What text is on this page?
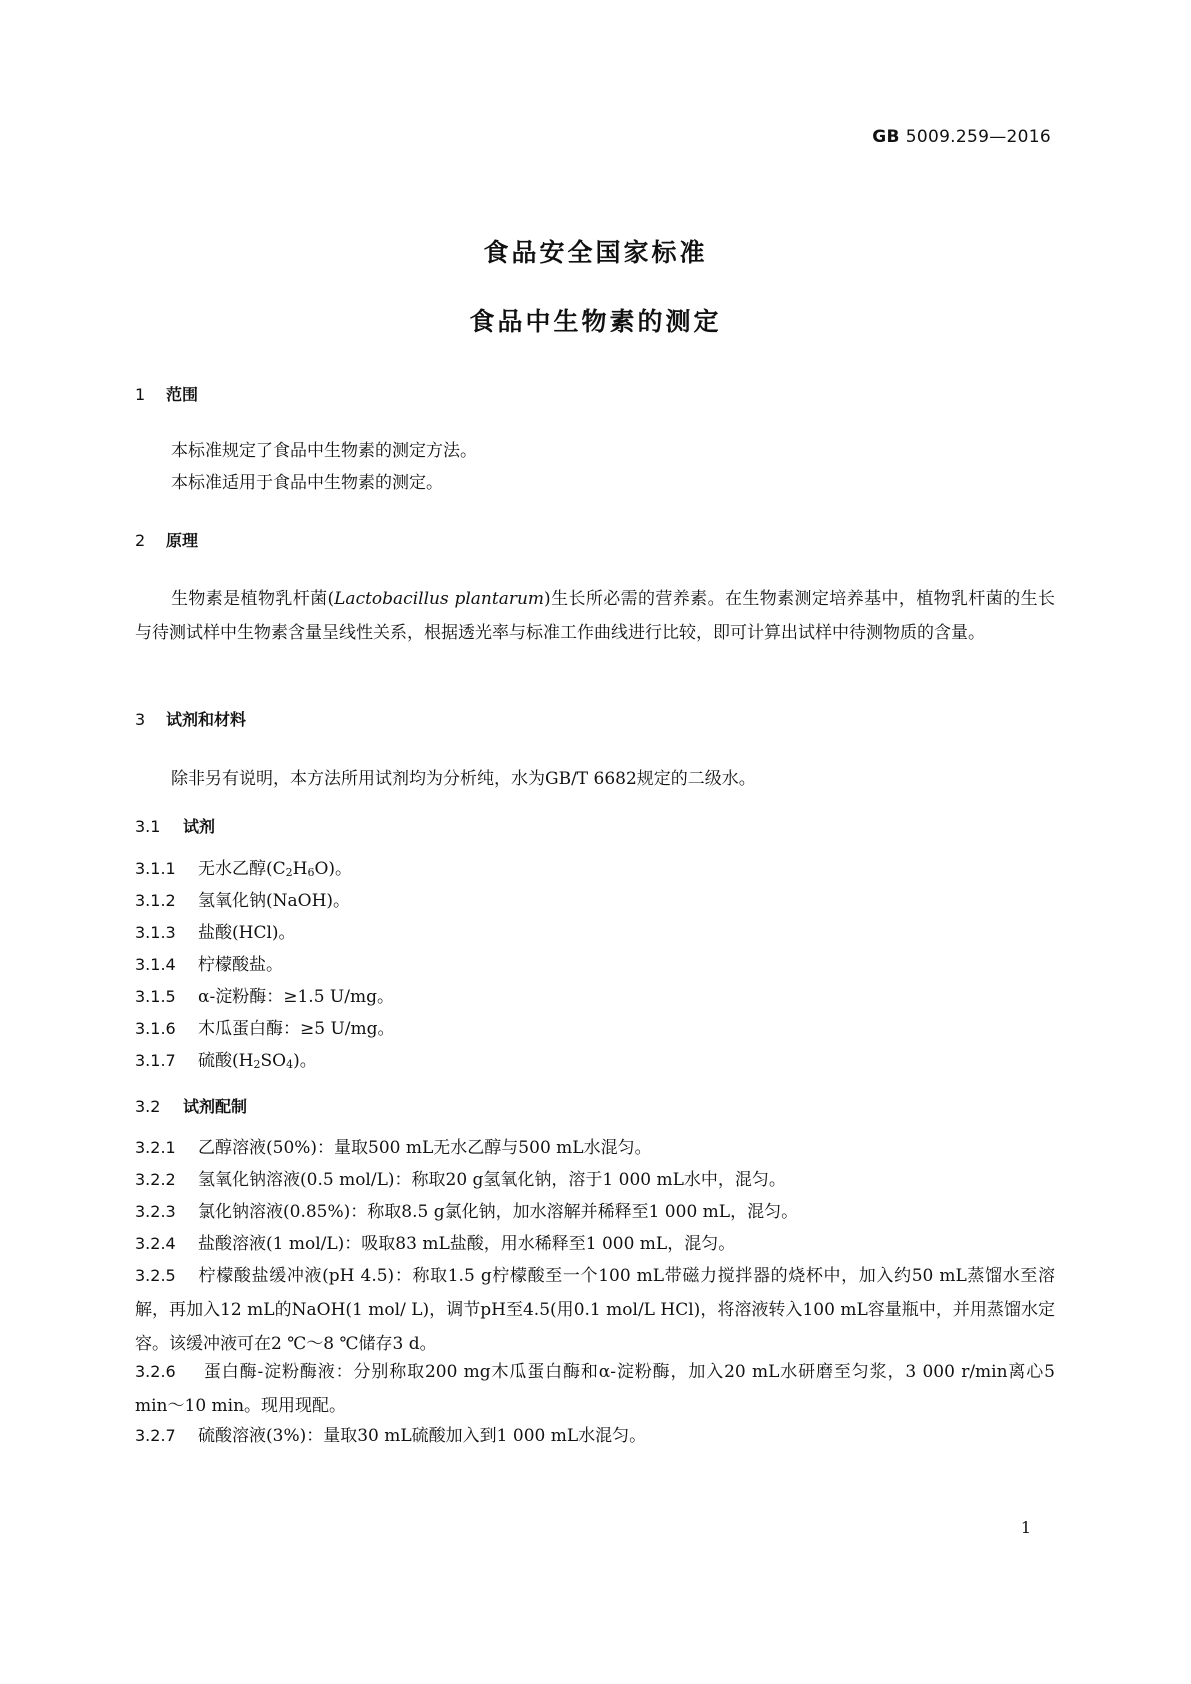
GB 5009.259—2016
食品安全国家标准
食品中生物素的测定
1 范围
本标准规定了食品中生物素的测定方法。
本标准适用于食品中生物素的测定。
2 原理
生物素是植物乳杆菌(Lactobacillus plantarum)生长所必需的营养素。在生物素测定培养基中，植物乳杆菌的生长与待测试样中生物素含量呈线性关系，根据透光率与标准工作曲线进行比较，即可计算出试样中待测物质的含量。
3 试剂和材料
除非另有说明，本方法所用试剂均为分析纯，水为GB/T 6682规定的二级水。
3.1 试剂
3.1.1 无水乙醇$(C_2H_6O)$。
3.1.2 氢氧化钠(NaOH)。
3.1.3 盐酸(HCl)。
3.1.4 柠檬酸盐。
3.1.5 α-淀粉酶：≥1.5 U/mg。
3.1.6 木瓜蛋白酶：≥5 U/mg。
3.1.7 硫酸$(H_2SO_4)$。
3.2 试剂配制
3.2.1 乙醇溶液(50%)：量取500 mL无水乙醇与500 mL水混匀。
3.2.2 氢氧化钠溶液(0.5 mol/L)：称取20 g氢氧化钠，溶于1 000 mL水中，混匀。
3.2.3 氯化钠溶液(0.85%)：称取8.5 g氯化钠，加水溶解并稀释至1 000 mL，混匀。
3.2.4 盐酸溶液(1 mol/L)：吸取83 mL盐酸，用水稀释至1 000 mL，混匀。
3.2.5 柠檬酸盐缓冲液(pH 4.5)：称取1.5 g柠檬酸至一个100 mL带磁力搅拌器的烧杯中，加入约50 mL蒸馏水至溶解，再加入12 mL的NaOH(1 mol/ L)，调节pH至4.5(用0.1 mol/L HCl)，将溶液转入100 mL容量瓶中，并用蒸馏水定容。该缓冲液可在2 ℃～8 ℃储存3 d。
3.2.6 蛋白酶-淀粉酶液：分别称取200 mg木瓜蛋白酶和α-淀粉酶，加入20 mL水研磨至匀浆，3 000 r/min离心5 min～10 min。现用现配。
3.2.7 硫酸溶液(3%)：量取30 mL硫酸加入到1 000 mL水混匀。
1
